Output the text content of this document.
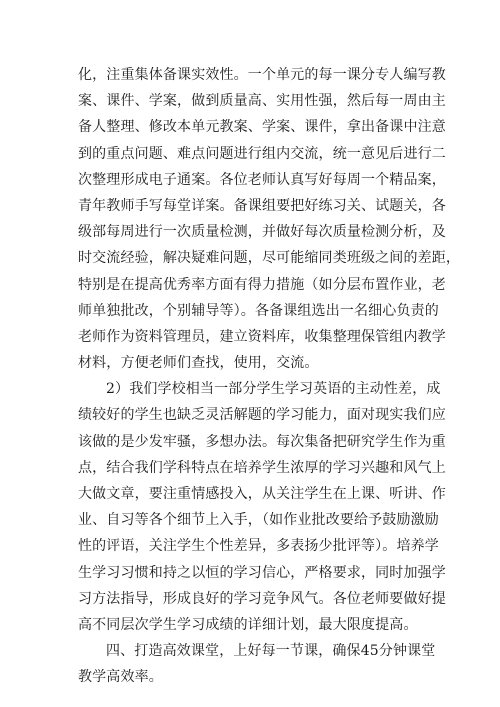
化，注重集体备课实效性。一个单元的每一课分专人编写教
案、课件、学案，做到质量高、实用性强，然后每一周由主
备人整理、修改本单元教案、学案、课件，拿出备课中注意
到的重点问题、难点问题进行组内交流，统一意见后进行二
次整理形成电子通案。各位老师认真写好每周一个精品案，
青年教师手写每堂详案。备课组要把好练习关、试题关，各
级部每周进行一次质量检测，并做好每次质量检测分析，及
时交流经验，解决疑难问题，尽可能缩同类班级之间的差距，
特别是在提高优秀率方面有得力措施（如分层布置作业，老
师单独批改，个别辅导等）。各备课组选出一名细心负责的
老师作为资料管理员，建立资料库，收集整理保管组内教学
材料，方便老师们查找，使用，交流。
2）我们学校相当一部分学生学习英语的主动性差，成
绩较好的学生也缺乏灵活解题的学习能力，面对现实我们应
该做的是少发牢骚，多想办法。每次集备把研究学生作为重
点，结合我们学科特点在培养学生浓厚的学习兴趣和风气上
大做文章，要注重情感投入，从关注学生在上课、听讲、作
业、自习等各个细节上入手，（如作业批改要给予鼓励激励
性的评语，关注学生个性差异，多表扬少批评等）。培养学
生学习习惯和持之以恒的学习信心，严格要求，同时加强学
习方法指导，形成良好的学习竞争风气。各位老师要做好提
高不同层次学生学习成绩的详细计划，最大限度提高。
四、打造高效课堂，上好每一节课，确保45分钟课堂
教学高效率。
